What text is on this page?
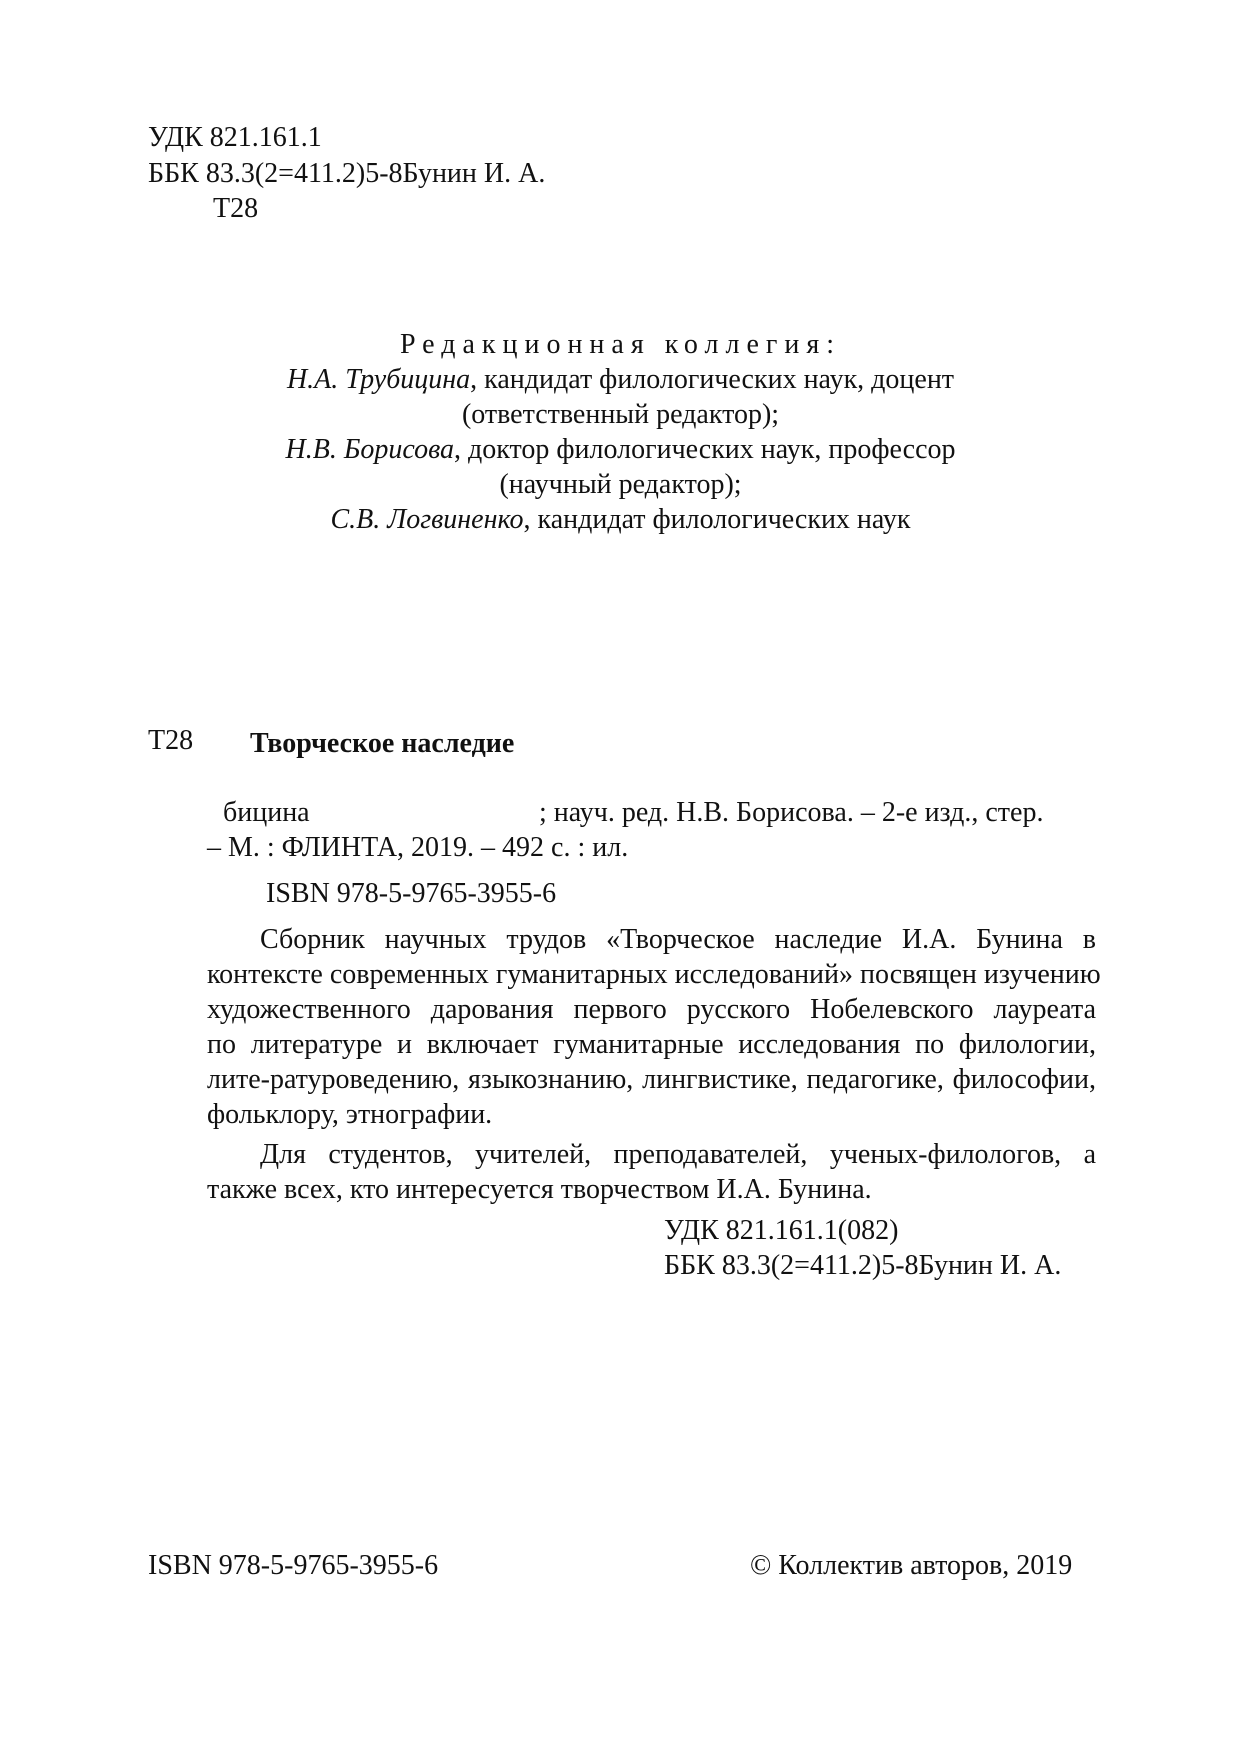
УДК 821.161.1
ББК 83.3(2=411.2)5-8Бунин И. А.
Т28
Редакционная коллегия:
Н.А. Трубицина, кандидат филологических наук, доцент
(ответственный редактор);
Н.В. Борисова, доктор филологических наук, профессор
(научный редактор);
С.В. Логвиненко, кандидат филологических наук
Т28 Творческое наследие
бицина	; науч. ред. Н.В. Борисова. – 2-е изд., стер.
– М. : ФЛИНТА, 2019. – 492 с. : ил.
ISBN 978-5-9765-3955-6
Сборник научных трудов «Творческое наследие И.А. Бунина в
контексте современных гуманитарных исследований» посвящен изучению
художественного дарования первого русского Нобелевского лауреата
по литературе и включает гуманитарные исследования по филологии,
лите-ратуроведению, языкознанию, лингвистике, педагогике, философии,
фольклору, этнографии.
Для студентов, учителей, преподавателей, ученых-филологов, а
также всех, кто интересуется творчеством И.А. Бунина.
УДК 821.161.1(082)
ББК 83.3(2=411.2)5-8Бунин И. А.
ISBN 978-5-9765-3955-6	© Коллектив авторов, 2019
